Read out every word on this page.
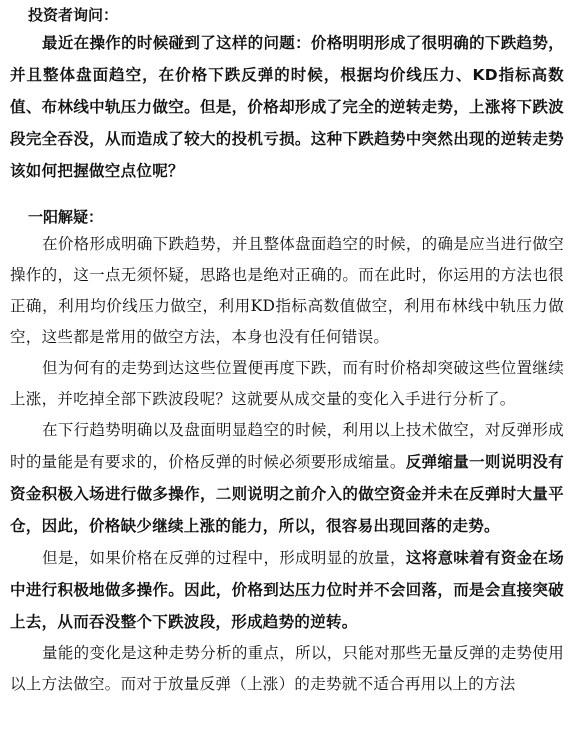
投资者询问：

最近在操作的时候碰到了这样的问题：价格明明形成了很明确的下跌趋势，并且整体盘面趋空，在价格下跌反弹的时候，根据均价线压力、KD指标高数值、布林线中轨压力做空。但是，价格却形成了完全的逆转走势，上涨将下跌波段完全吞没，从而造成了较大的投机亏损。这种下跌趋势中突然出现的逆转走势该如何把握做空点位呢？

一阳解疑：

在价格形成明确下跌趋势，并且整体盘面趋空的时候，的确是应当进行做空操作的，这一点无须怀疑，思路也是绝对正确的。而在此时，你运用的方法也很正确，利用均价线压力做空，利用KD指标高数值做空，利用布林线中轨压力做空，这些都是常用的做空方法，本身也没有任何错误。

但为何有的走势到达这些位置便再度下跌，而有时价格却突破这些位置继续上涨，并吃掉全部下跌波段呢？这就要从成交量的变化入手进行分析了。

在下行趋势明确以及盘面明显趋空的时候，利用以上技术做空，对反弹形成时的量能是有要求的，价格反弹的时候必须要形成缩量。反弹缩量一则说明没有资金积极入场进行做多操作，二则说明之前介入的做空资金并未在反弹时大量平仓，因此，价格缺少继续上涨的能力，所以，很容易出现回落的走势。

但是，如果价格在反弹的过程中，形成明显的放量，这将意味着有资金在场中进行积极地做多操作。因此，价格到达压力位时并不会回落，而是会直接突破上去，从而吞没整个下跌波段，形成趋势的逆转。

量能的变化是这种走势分析的重点，所以，只能对那些无量反弹的走势使用以上方法做空。而对于放量反弹（上涨）的走势就不适合再用以上的方法
